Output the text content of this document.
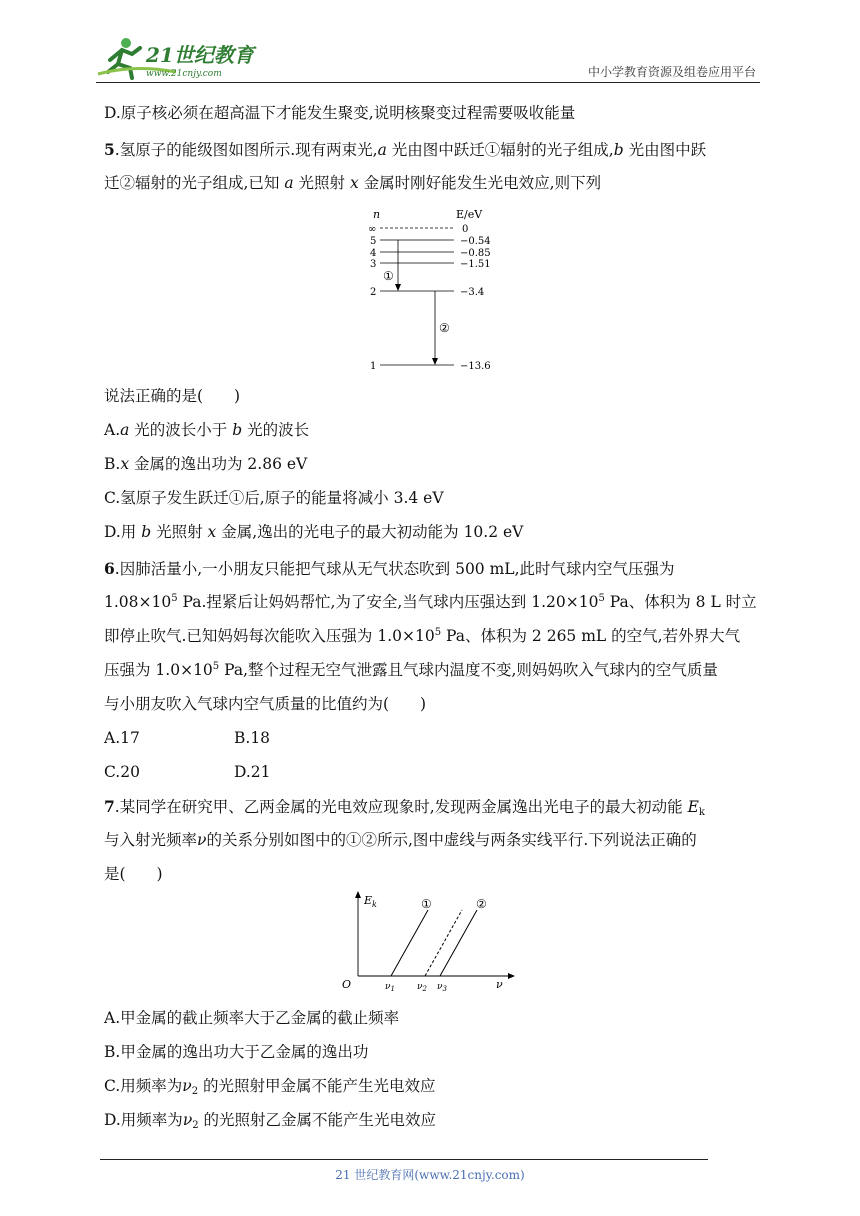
21世纪教育
www.21cnjy.com	中小学教育资源及组卷应用平台
D.原子核必须在超高温下才能发生聚变,说明核聚变过程需要吸收能量
5.氢原子的能级图如图所示.现有两束光,a 光由图中跃迁①辐射的光子组成,b 光由图中跃
迁②辐射的光子组成,已知 a 光照射 x 金属时刚好能发生光电效应,则下列
n	E/eV
∞
5
4
3
2
1
0
−0.54
−0.85
−1.51
−3.4
−13.6
①
②
说法正确的是(　　)
A.a 光的波长小于 b 光的波长
B.x 金属的逸出功为 2.86 eV
C.氢原子发生跃迁①后,原子的能量将减小 3.4 eV
D.用 b 光照射 x 金属,逸出的光电子的最大初动能为 10.2 eV
6.因肺活量小,一小朋友只能把气球从无气状态吹到 500 mL,此时气球内空气压强为
$1.08\times 10^5$ Pa.捏紧后让妈妈帮忙,为了安全,当气球内压强达到 $1.20\times 10^5$ Pa、体积为 8 L 时立
即停止吹气.已知妈妈每次能吹入压强为 $1.0\times 10^5$ Pa、体积为 2 265 mL 的空气,若外界大气
压强为 $1.0\times 10^5$ Pa,整个过程无空气泄露且气球内温度不变,则妈妈吹入气球内的空气质量
与小朋友吹入气球内空气质量的比值约为(　　)
A.17	B.18
C.20	D.21
7.某同学在研究甲、乙两金属的光电效应现象时,发现两金属逸出光电子的最大初动能 $E_k$
与入射光频率ν的关系分别如图中的①②所示,图中虚线与两条实线平行.下列说法正确的
是(　　)
$E_k$
O	ν
①	②
$\nu_1$ $\nu_2$ $\nu_3$
A.甲金属的截止频率大于乙金属的截止频率
B.甲金属的逸出功大于乙金属的逸出功
C.用频率为$\nu_2$ 的光照射甲金属不能产生光电效应
D.用频率为$\nu_2$ 的光照射乙金属不能产生光电效应
21 世纪教育网(www.21cnjy.com)
